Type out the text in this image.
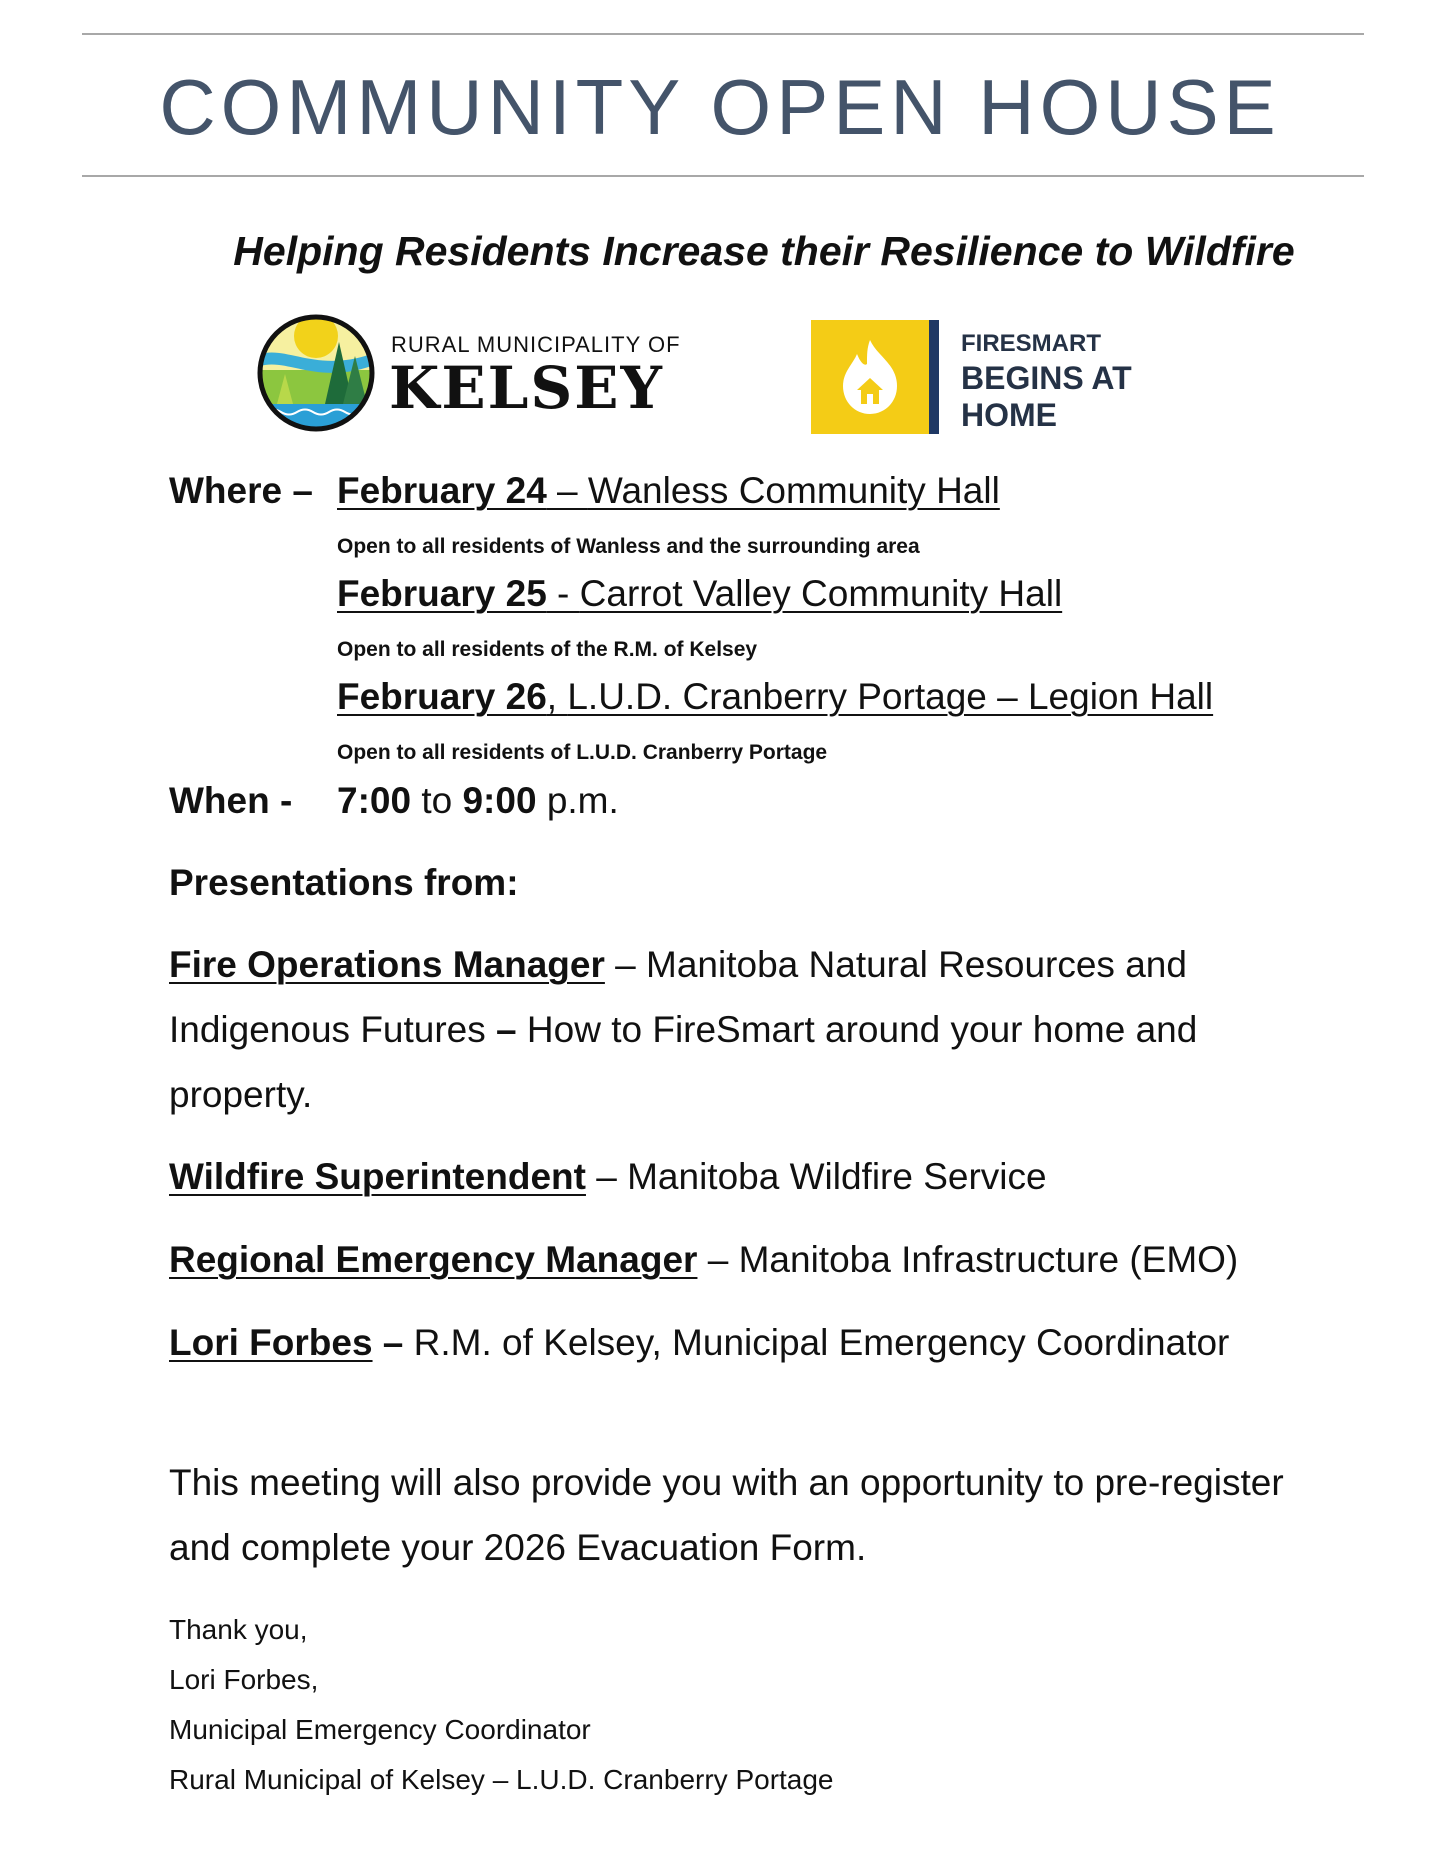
COMMUNITY OPEN HOUSE
Helping Residents Increase their Resilience to Wildfire
RURAL MUNICIPALITY OF
KELSEY
FIRESMART
BEGINS AT HOME
Where – February 24 – Wanless Community Hall
Open to all residents of Wanless and the surrounding area
February 25 - Carrot Valley Community Hall
Open to all residents of the R.M. of Kelsey
February 26, L.U.D. Cranberry Portage – Legion Hall
Open to all residents of L.U.D. Cranberry Portage
When - 7:00 to 9:00 p.m.
Presentations from:
Fire Operations Manager – Manitoba Natural Resources and
Indigenous Futures – How to FireSmart around your home and
property.
Wildfire Superintendent – Manitoba Wildfire Service
Regional Emergency Manager – Manitoba Infrastructure (EMO)
Lori Forbes – R.M. of Kelsey, Municipal Emergency Coordinator
This meeting will also provide you with an opportunity to pre-register
and complete your 2026 Evacuation Form.
Thank you,
Lori Forbes,
Municipal Emergency Coordinator
Rural Municipal of Kelsey – L.U.D. Cranberry Portage
